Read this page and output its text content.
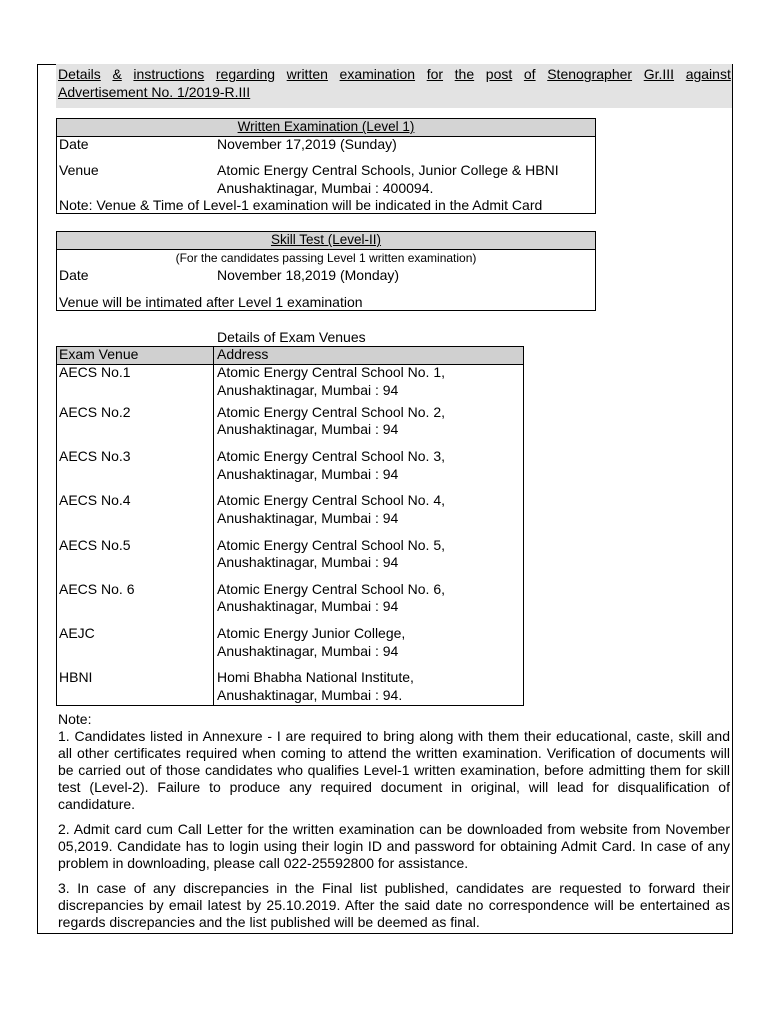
Details & instructions regarding written examination for the post of Stenographer Gr.III against
Advertisement No. 1/2019-R.III
Written Examination (Level 1)
Date	November 17,2019 (Sunday)
Venue	Atomic Energy Central Schools, Junior College & HBNI
Anushaktinagar, Mumbai : 400094.
Note: Venue & Time of Level-1 examination will be indicated in the Admit Card
Skill Test (Level-II)
(For the candidates passing Level 1 written examination)
Date	November 18,2019 (Monday)
Venue will be intimated after Level 1 examination
Details of Exam Venues
Exam Venue	Address
AECS No.1	Atomic Energy Central School No. 1,
Anushaktinagar, Mumbai : 94
AECS No.2	Atomic Energy Central School No. 2,
Anushaktinagar, Mumbai : 94
AECS No.3	Atomic Energy Central School No. 3,
Anushaktinagar, Mumbai : 94
AECS No.4	Atomic Energy Central School No. 4,
Anushaktinagar, Mumbai : 94
AECS No.5	Atomic Energy Central School No. 5,
Anushaktinagar, Mumbai : 94
AECS No. 6	Atomic Energy Central School No. 6,
Anushaktinagar, Mumbai : 94
AEJC	Atomic Energy Junior College,
Anushaktinagar, Mumbai : 94
HBNI	Homi Bhabha National Institute,
Anushaktinagar, Mumbai : 94.

Note:

1. Candidates listed in Annexure - I are required to bring along with them their educational, caste, skill and all other certificates required when coming to attend the written examination. Verification of documents will be carried out of those candidates who qualifies Level-1 written examination, before admitting them for skill test (Level-2). Failure to produce any required document in original, will lead for disqualification of candidature.

2. Admit card cum Call Letter for the written examination can be downloaded from website from November 05,2019. Candidate has to login using their login ID and password for obtaining Admit Card. In case of any problem in downloading, please call 022-25592800 for assistance.

3. In case of any discrepancies in the Final list published, candidates are requested to forward their discrepancies by email latest by 25.10.2019. After the said date no correspondence will be entertained as regards discrepancies and the list published will be deemed as final.
